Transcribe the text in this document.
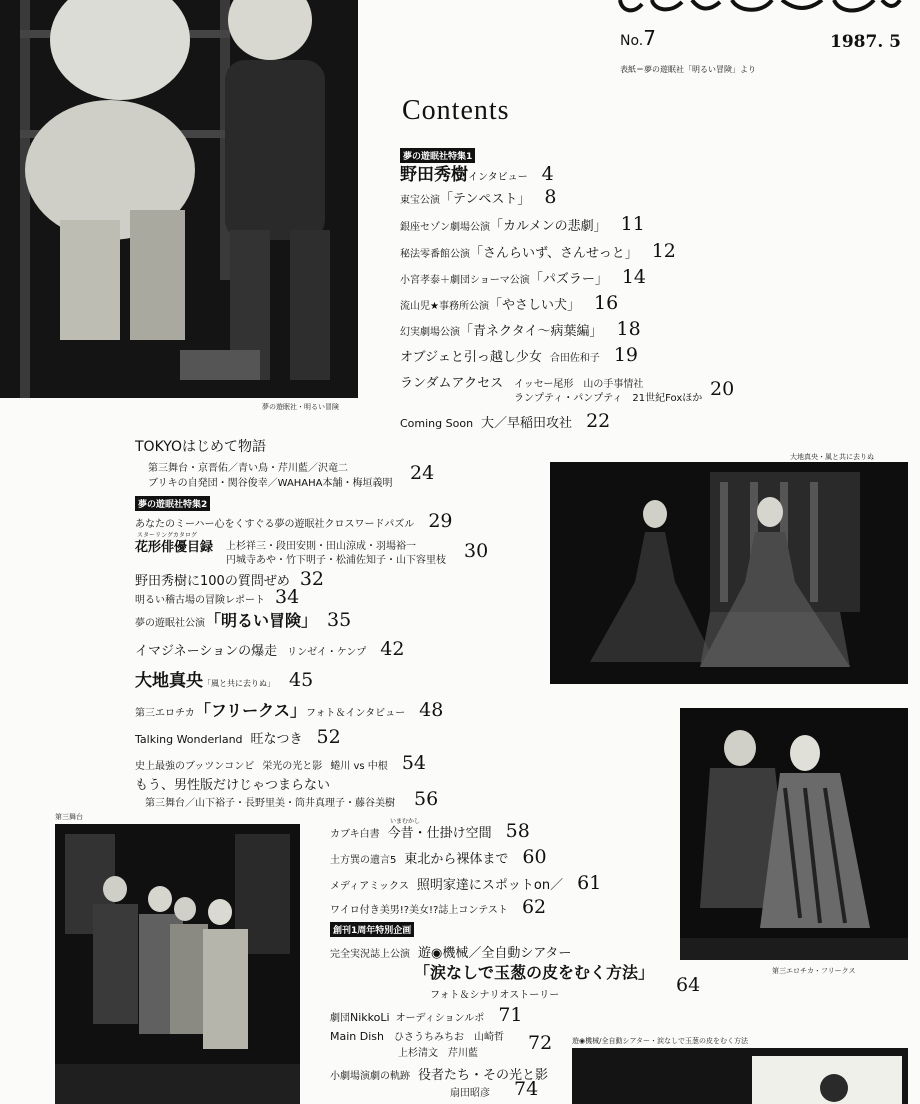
No.7	1987. 5
表紙＝夢の遊眠社「明るい冒険」より
Contents
夢の遊眠社・明るい冒険
大地真央・風と共に去りぬ
第三エロチカ・フリークス
第三舞台
遊◉機械/全自動シアター・涙なしで玉葱の皮をむく方法
夢の遊眠社特集1
野田秀樹 インタビュー 4
東宝公演 「テンペスト」 8
銀座セゾン劇場公演 「カルメンの悲劇」 11
秘法零番館公演 「さんらいず、さんせっと」 12
小宮孝泰＋劇団ショーマ公演 「パズラー」 14
流山児★事務所公演 「やさしい犬」 16
幻実劇場公演 「青ネクタイ〜病葉編」 18
オブジェと引っ越し少女 合田佐和子 19
ランダムアクセス イッセー尾形　山の手事情社
ランプティ・パンプティ　21世紀Foxほか 20
Coming Soon 大／早稲田攻社 22
TOKYOはじめて物語
第三舞台・京晋佑／青い鳥・芹川藍／沢竜二
ブリキの自発団・関谷俊幸／WAHAHA本舗・梅垣義明 24
夢の遊眠社特集2
あなたのミーハー心をくすぐる夢の遊眠社クロスワードパズル 29
スターリングカタログ
花形俳優目録 上杉祥三・段田安則・田山涼成・羽場裕一
円城寺あや・竹下明子・松浦佐知子・山下容里枝 30
野田秀樹に100の質問ぜめ 32
明るい稽古場の冒険レポート 34
夢の遊眠社公演 「明るい冒険」 35
イマジネーションの爆走 リンゼイ・ケンプ 42
大地真央 「風と共に去りぬ」 45
第三エロチカ 「フリークス」 フォト＆インタビュー 48
Talking Wonderland 旺なつき 52
史上最強のブッツンコンビ 栄光の光と影 蜷川 vs 中根 54
もう、男性版だけじゃつまらない
第三舞台／山下裕子・長野里美・筒井真理子・藤谷美樹 56
いまむかし
カブキ白書 今昔・仕掛け空間 58
土方巽の遺言5 東北から裸体まで 60
メディアミックス 照明家達にスポットon／ 61
ワイロ付き美男!?美女!?誌上コンテスト 62
創刊1周年特別企画
完全実況誌上公演 遊◉機械／全自動シアター
「涙なしで玉葱の皮をむく方法」
フォト＆シナリオストーリー	64
劇団 NikkoLi オーディションルポ 71
Main Dish ひさうちみちお　山崎哲
上杉清文　芹川藍	72
小劇場演劇の軌跡 役者たち・その光と影
扇田昭彦 74
